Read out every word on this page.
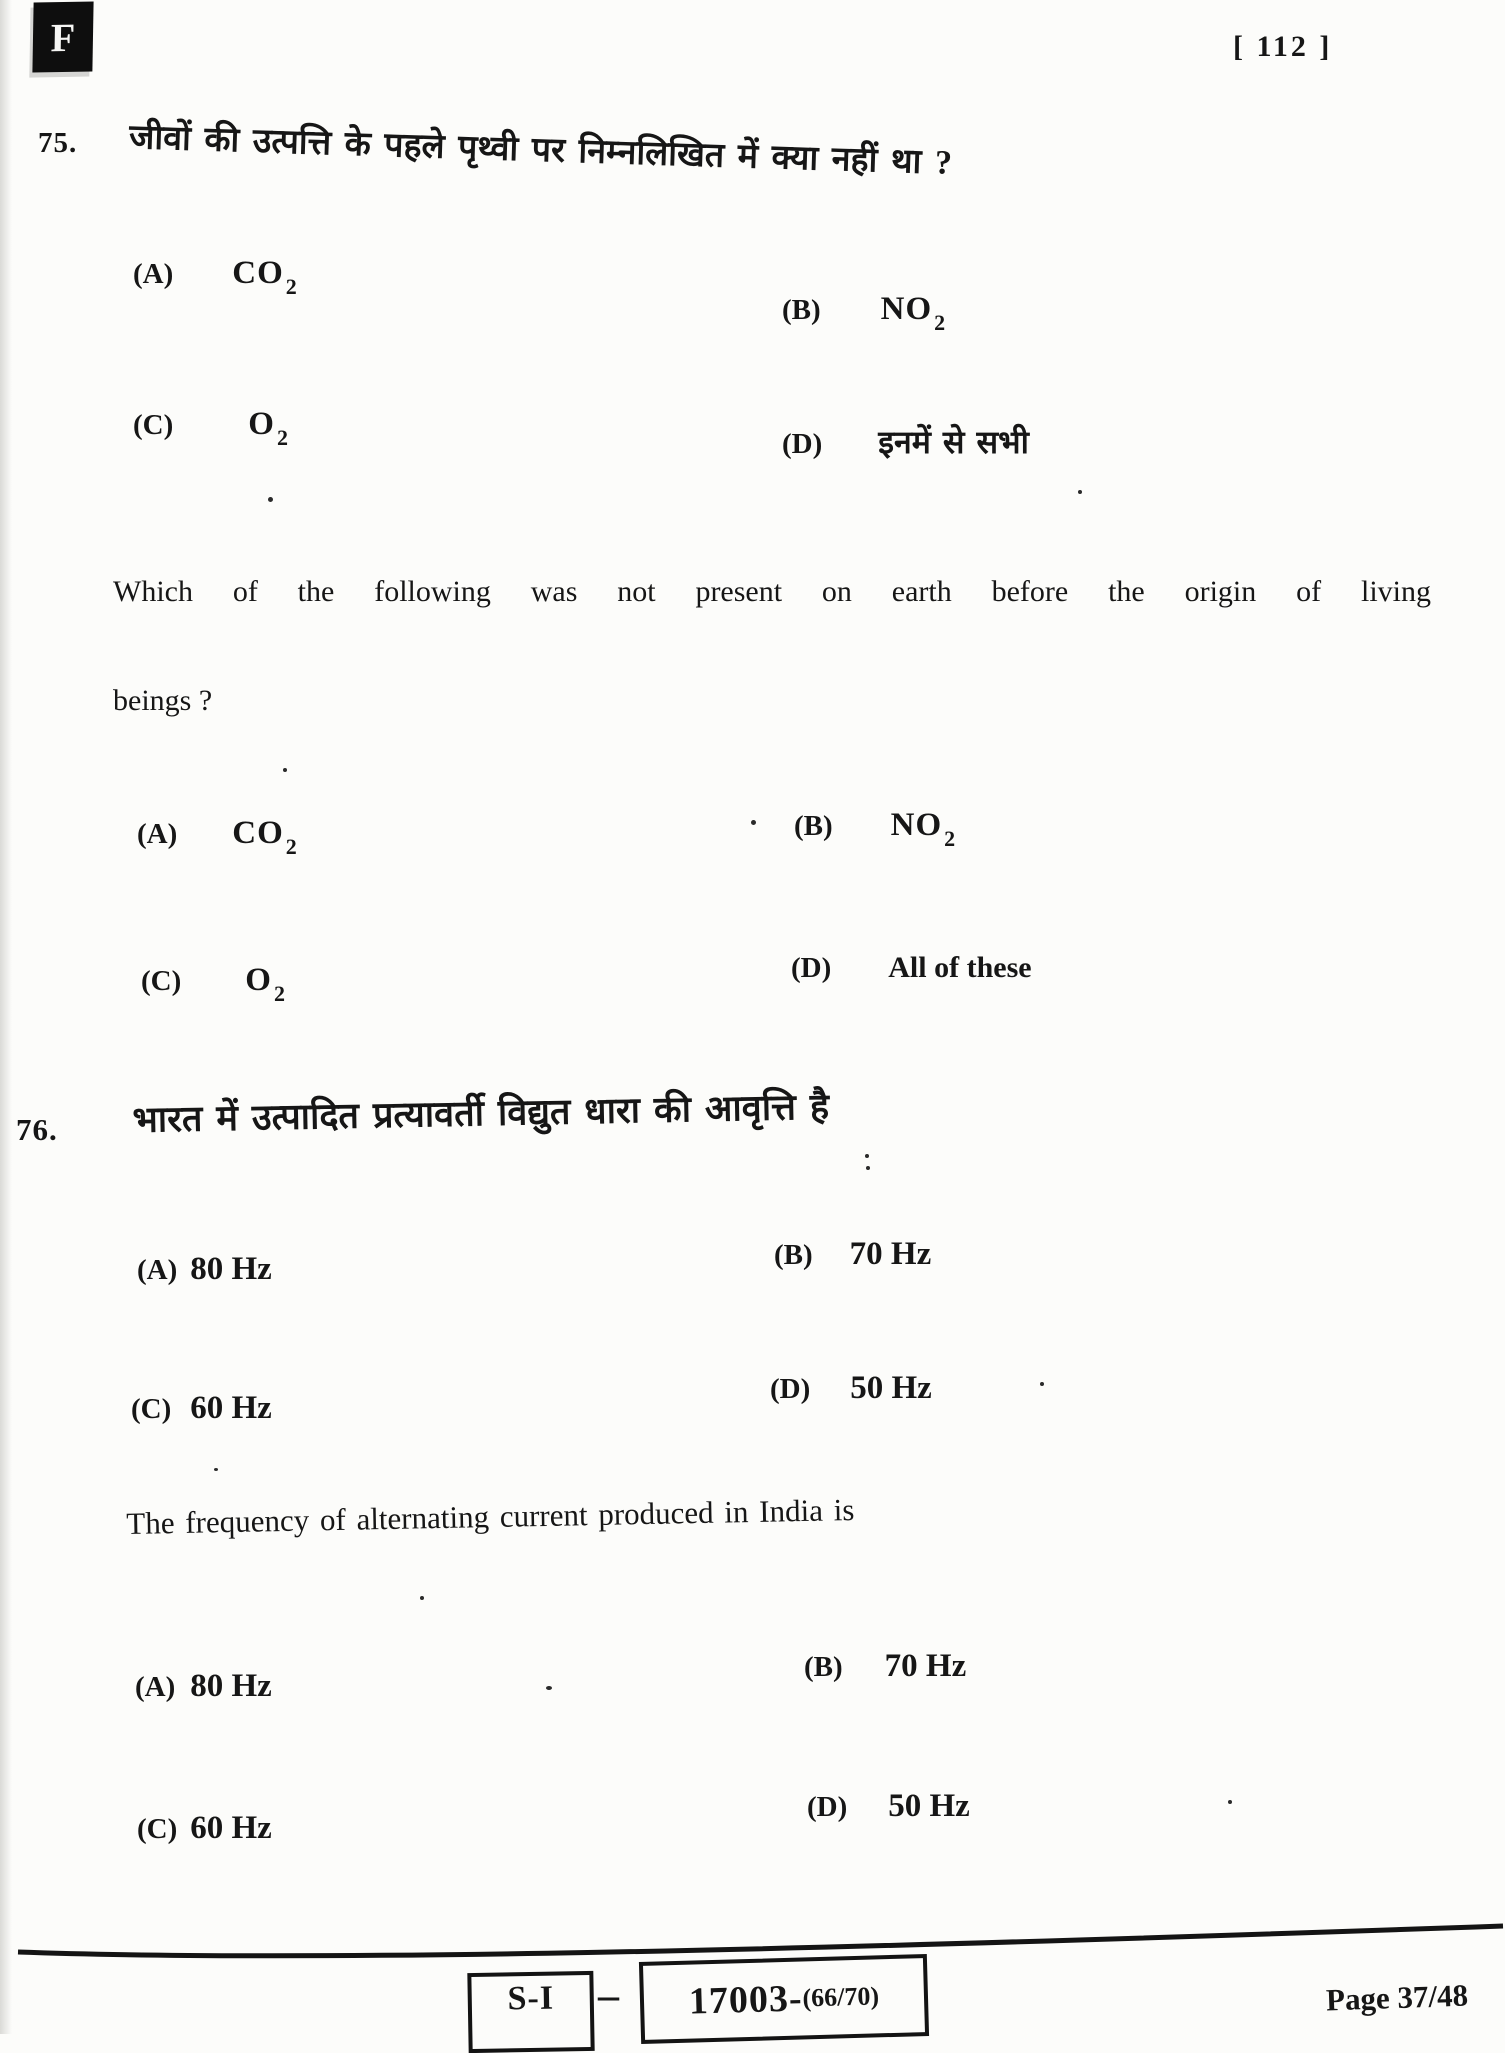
F	[ 112 ]
75. जीवों की उत्पत्ति के पहले पृथ्वी पर निम्नलिखित में क्या नहीं था ?
(A) $CO_2$
(B) $NO_2$
(C) $O_2$	(D) इनमें से सभी
Which of the following was not present on earth before the origin of living
beings ?
(A) $CO_2$
(B) $NO_2$
(C) $O_2$
(D) All of these
76. भारत में उत्पादित प्रत्यावर्ती विद्युत धारा की आवृत्ति है
(A) 80 Hz	(B) 70 Hz
(C) 60 Hz
(D) 50 Hz
The frequency of alternating current produced in India is
(A) 80 Hz
(B) 70 Hz
(C) 60 Hz
(D) 50 Hz
S-I – 17003-
(66/70)	Page 37/48
